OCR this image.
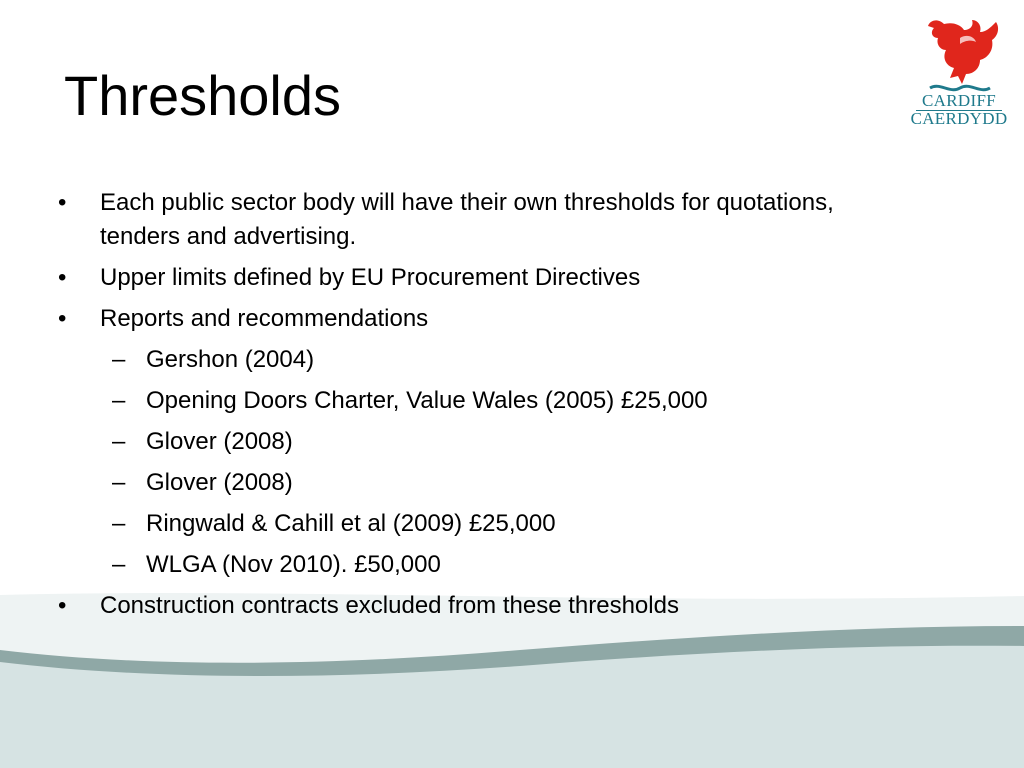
Thresholds	CARDIFF
CAERDYDD
•	Each public sector body will have their own thresholds for quotations, tenders and advertising.
•	Upper limits defined by EU Procurement Directives
•	Reports and recommendations
– Gershon (2004)
– Opening Doors Charter, Value Wales (2005) £25,000
– Glover (2008)
– Glover (2008)
– Ringwald & Cahill et al (2009) £25,000
– WLGA (Nov 2010). £50,000
•	Construction contracts excluded from these thresholds
